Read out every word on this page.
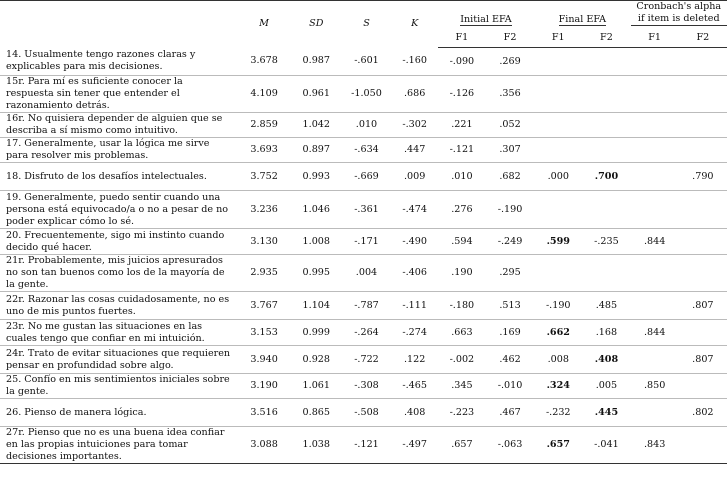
	M	SD	S	K	Initial EFA		Final EFA		Cronbach's alpha
if item is deleted	

					F1	F2	F1	F2	F1	F2
14. Usualmente tengo razones claras y explicables para mis decisiones.	3.678	0.987	-.601	-.160	-.090	.269				
15r. Para mí es suficiente conocer la respuesta sin tener que entender el razonamiento detrás.	4.109	0.961	-1.050	.686	-.126	.356				
16r. No quisiera depender de alguien que se describa a sí mismo como intuitivo.	2.859	1.042	.010	-.302	.221	.052				
17. Generalmente, usar la lógica me sirve para resolver mis problemas.	3.693	0.897	-.634	.447	-.121	.307				
18. Disfruto de los desafíos intelectuales.	3.752	0.993	-.669	.009	.010	.682	.000	.700		.790
19. Generalmente, puedo sentir cuando una persona está equivocado/a o no a pesar de no poder explicar cómo lo sé.	3.236	1.046	-.361	-.474	.276	-.190				
20. Frecuentemente, sigo mi instinto cuando decido qué hacer.	3.130	1.008	-.171	-.490	.594	-.249	.599	-.235	.844	
21r. Probablemente, mis juicios apresurados no son tan buenos como los de la mayoría de la gente.	2.935	0.995	.004	-.406	.190	.295				
22r. Razonar las cosas cuidadosamente, no es uno de mis puntos fuertes.	3.767	1.104	-.787	-.111	-.180	.513	-.190	.485		.807
23r. No me gustan las situaciones en las cuales tengo que confiar en mi intuición.	3.153	0.999	-.264	-.274	.663	.169	.662	.168	.844	
24r. Trato de evitar situaciones que requieren pensar en profundidad sobre algo.	3.940	0.928	-.722	.122	-.002	.462	.008	.408		.807
25. Confío en mis sentimientos iniciales sobre la gente.	3.190	1.061	-.308	-.465	.345	-.010	.324	.005	.850	
26. Pienso de manera lógica.	3.516	0.865	-.508	.408	-.223	.467	-.232	.445		.802
27r. Pienso que no es una buena idea confiar en las propias intuiciones para tomar decisiones importantes.	3.088	1.038	-.121	-.497	.657	-.063	.657	-.041	.843	
